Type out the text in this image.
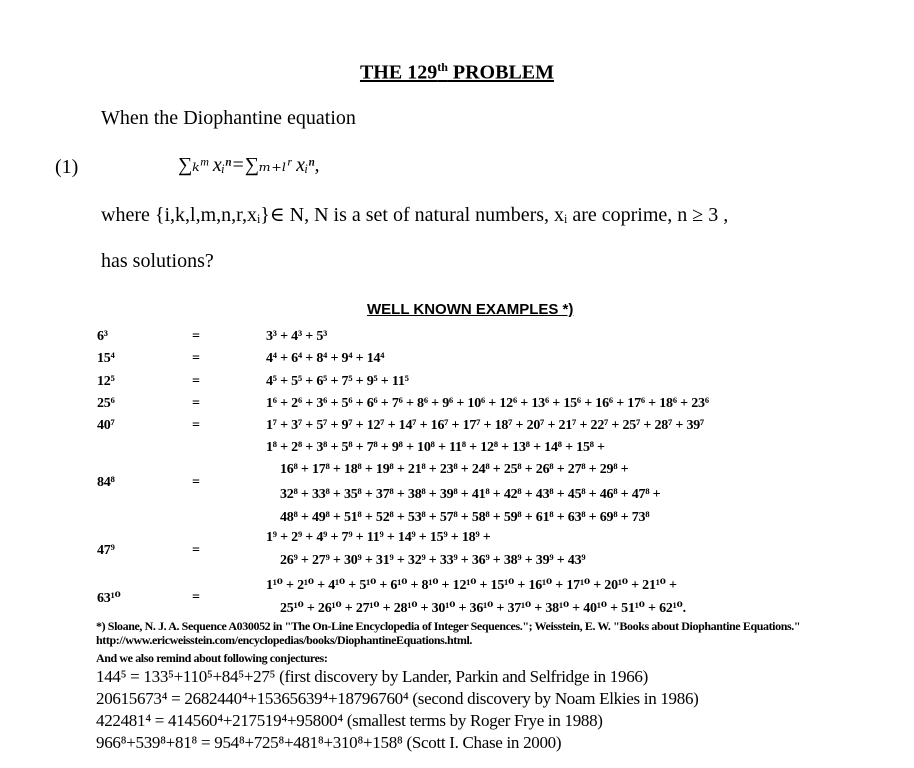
THE 129th PROBLEM
When the Diophantine equation
(1)	∑ₖᵐ xᵢⁿ=∑ₘ₊ₗʳ xᵢⁿ,
where {i,k,l,m,n,r,xᵢ}∈ N, N is a set of natural numbers, xᵢ are coprime, n ≥ 3 ,
has solutions?
WELL KNOWN EXAMPLES *)
6³	=	3³ + 4³ + 5³
15⁴	=	4⁴ + 6⁴ + 8⁴ + 9⁴ + 14⁴
12⁵	=	4⁵ + 5⁵ + 6⁵ + 7⁵ + 9⁵ + 11⁵
25⁶	=	1⁶ + 2⁶ + 3⁶ + 5⁶ + 6⁶ + 7⁶ + 8⁶ + 9⁶ + 10⁶ + 12⁶ + 13⁶ + 15⁶ + 16⁶ + 17⁶ + 18⁶ + 23⁶
40⁷	=	1⁷ + 3⁷ + 5⁷ + 9⁷ + 12⁷ + 14⁷ + 16⁷ + 17⁷ + 18⁷ + 20⁷ + 21⁷ + 22⁷ + 25⁷ + 28⁷ + 39⁷
84⁸	=
1⁸ + 2⁸ + 3⁸ + 5⁸ + 7⁸ + 9⁸ + 10⁸ + 11⁸ + 12⁸ + 13⁸ + 14⁸ + 15⁸ +
16⁸ + 17⁸ + 18⁸ + 19⁸ + 21⁸ + 23⁸ + 24⁸ + 25⁸ + 26⁸ + 27⁸ + 29⁸ +
32⁸ + 33⁸ + 35⁸ + 37⁸ + 38⁸ + 39⁸ + 41⁸ + 42⁸ + 43⁸ + 45⁸ + 46⁸ + 47⁸ +
48⁸ + 49⁸ + 51⁸ + 52⁸ + 53⁸ + 57⁸ + 58⁸ + 59⁸ + 61⁸ + 63⁸ + 69⁸ + 73⁸
47⁹	=
1⁹ + 2⁹ + 4⁹ + 7⁹ + 11⁹ + 14⁹ + 15⁹ + 18⁹ +
26⁹ + 27⁹ + 30⁹ + 31⁹ + 32⁹ + 33⁹ + 36⁹ + 38⁹ + 39⁹ + 43⁹
63¹⁰	=
1¹⁰ + 2¹⁰ + 4¹⁰ + 5¹⁰ + 6¹⁰ + 8¹⁰ + 12¹⁰ + 15¹⁰ + 16¹⁰ + 17¹⁰ + 20¹⁰ + 21¹⁰ +
25¹⁰ + 26¹⁰ + 27¹⁰ + 28¹⁰ + 30¹⁰ + 36¹⁰ + 37¹⁰ + 38¹⁰ + 40¹⁰ + 51¹⁰ + 62¹⁰.
*) Sloane, N. J. A. Sequence A030052 in "The On-Line Encyclopedia of Integer Sequences."; Weisstein, E. W. "Books about Diophantine Equations." http://www.ericweisstein.com/encyclopedias/books/DiophantineEquations.html.
And we also remind about following conjectures:
144⁵ = 133⁵+110⁵+84⁵+27⁵ (first discovery by Lander, Parkin and Selfridge in 1966)
20615673⁴ = 2682440⁴+15365639⁴+18796760⁴ (second discovery by Noam Elkies in 1986)
422481⁴ = 414560⁴+217519⁴+95800⁴ (smallest terms by Roger Frye in 1988)
966⁸+539⁸+81⁸ = 954⁸+725⁸+481⁸+310⁸+158⁸ (Scott I. Chase in 2000)
